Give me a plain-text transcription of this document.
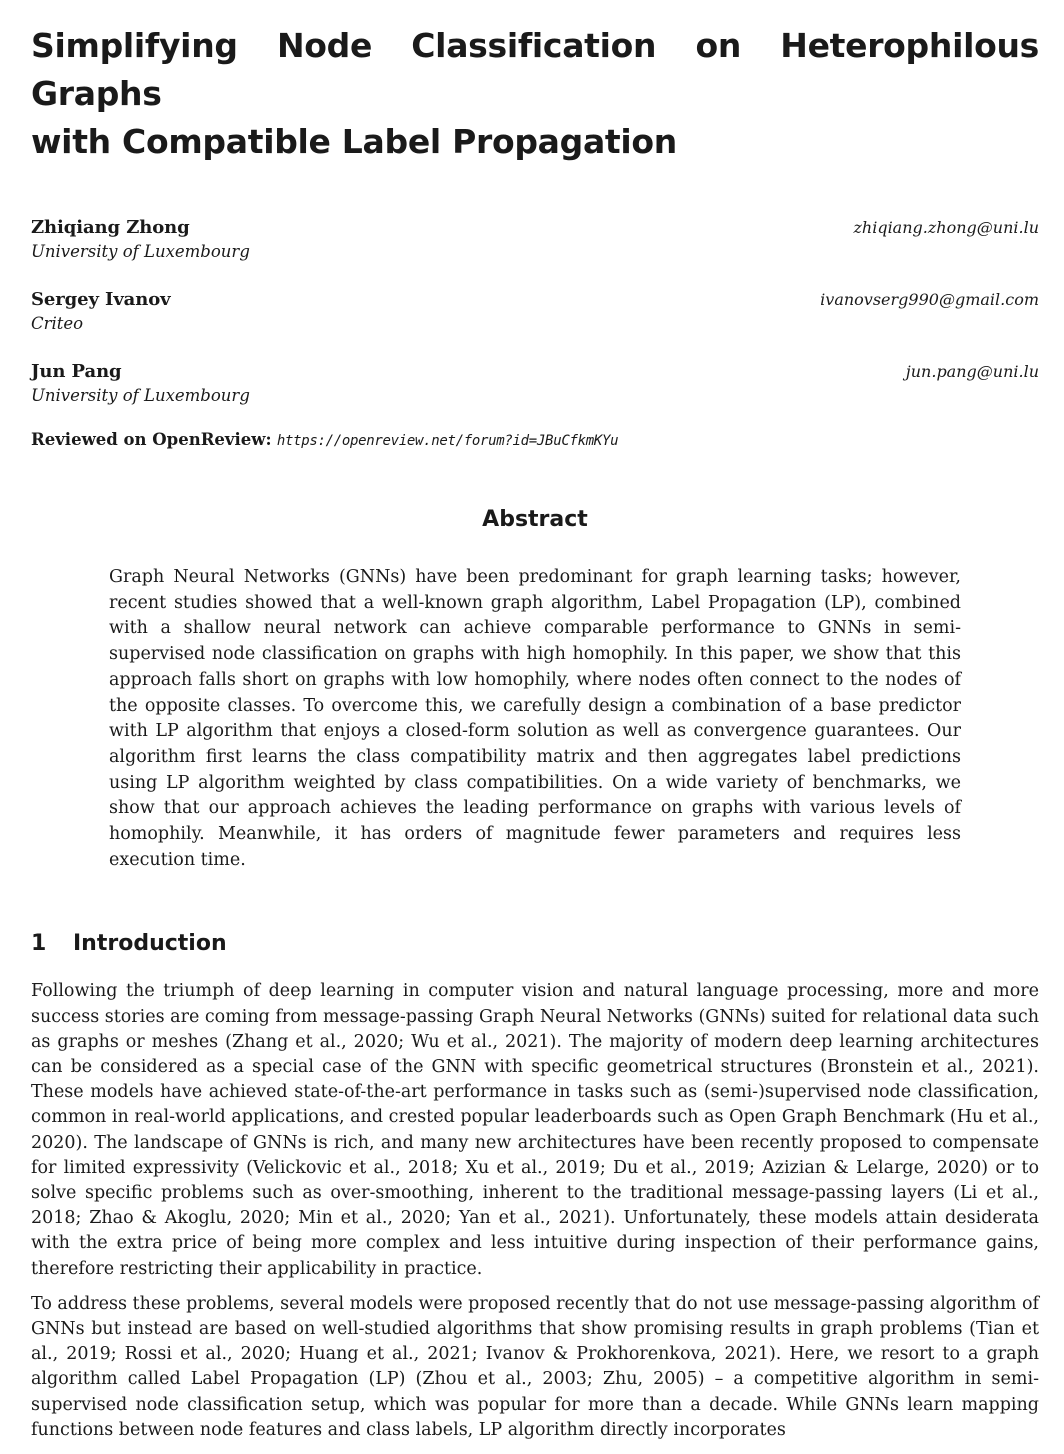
Simplifying Node Classification on Heterophilous Graphs
with Compatible Label Propagation
Zhiqiang Zhong	zhiqiang.zhong@uni.lu
University of Luxembourg
Sergey Ivanov	ivanovserg990@gmail.com
Criteo
Jun Pang	jun.pang@uni.lu
University of Luxembourg
Reviewed on OpenReview: https://openreview.net/forum?id=JBuCfkmKYu
Abstract

Graph Neural Networks (GNNs) have been predominant for graph learning tasks; however, recent studies showed that a well-known graph algorithm, Label Propagation (LP), combined with a shallow neural network can achieve comparable performance to GNNs in semi-supervised node classification on graphs with high homophily. In this paper, we show that this approach falls short on graphs with low homophily, where nodes often connect to the nodes of the opposite classes. To overcome this, we carefully design a combination of a base predictor with LP algorithm that enjoys a closed-form solution as well as convergence guarantees. Our algorithm first learns the class compatibility matrix and then aggregates label predictions using LP algorithm weighted by class compatibilities. On a wide variety of benchmarks, we show that our approach achieves the leading performance on graphs with various levels of homophily. Meanwhile, it has orders of magnitude fewer parameters and requires less execution time.

1 Introduction

Following the triumph of deep learning in computer vision and natural language processing, more and more success stories are coming from message-passing Graph Neural Networks (GNNs) suited for relational data such as graphs or meshes (Zhang et al., 2020; Wu et al., 2021). The majority of modern deep learning architectures can be considered as a special case of the GNN with specific geometrical structures (Bronstein et al., 2021). These models have achieved state-of-the-art performance in tasks such as (semi-)supervised node classification, common in real-world applications, and crested popular leaderboards such as Open Graph Benchmark (Hu et al., 2020). The landscape of GNNs is rich, and many new architectures have been recently proposed to compensate for limited expressivity (Velickovic et al., 2018; Xu et al., 2019; Du et al., 2019; Azizian & Lelarge, 2020) or to solve specific problems such as over-smoothing, inherent to the traditional message-passing layers (Li et al., 2018; Zhao & Akoglu, 2020; Min et al., 2020; Yan et al., 2021). Unfortunately, these models attain desiderata with the extra price of being more complex and less intuitive during inspection of their performance gains, therefore restricting their applicability in practice.

To address these problems, several models were proposed recently that do not use message-passing algorithm of GNNs but instead are based on well-studied algorithms that show promising results in graph problems (Tian et al., 2019; Rossi et al., 2020; Huang et al., 2021; Ivanov & Prokhorenkova, 2021). Here, we resort to a graph algorithm called Label Propagation (LP) (Zhou et al., 2003; Zhu, 2005) – a competitive algorithm in semi-supervised node classification setup, which was popular for more than a decade. While GNNs learn mapping functions between node features and class labels, LP algorithm directly incorporates
